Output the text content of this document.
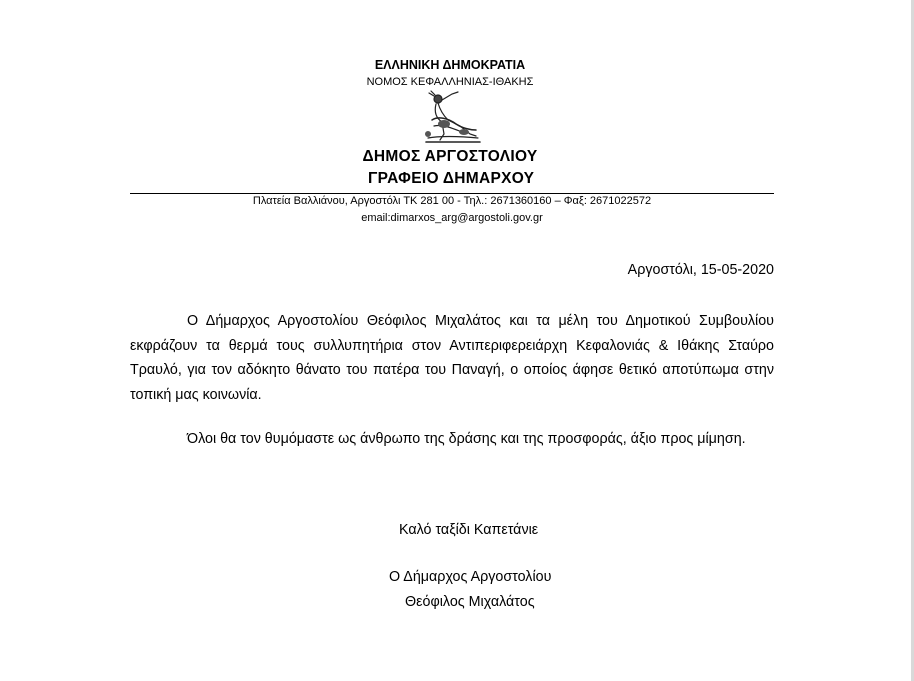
ΕΛΛΗΝΙΚΗ ΔΗΜΟΚΡΑΤΙΑ
ΝΟΜΟΣ ΚΕΦΑΛΛΗΝΙΑΣ-ΙΘΑΚΗΣ
ΔΗΜΟΣ ΑΡΓΟΣΤΟΛΙΟΥ
ΓΡΑΦΕΙΟ ΔΗΜΑΡΧΟΥ
Πλατεία Βαλλιάνου, Αργοστόλι ΤΚ 281 00 - Τηλ.: 2671360160 – Φαξ: 2671022572
email:dimarxos_arg@argostoli.gov.gr
Αργοστόλι, 15-05-2020
Ο Δήμαρχος Αργοστολίου Θεόφιλος Μιχαλάτος και τα μέλη του Δημοτικού Συμβουλίου εκφράζουν τα θερμά τους συλλυπητήρια στον Αντιπεριφερειάρχη Κεφαλονιάς & Ιθάκης Σταύρο Τραυλό, για τον αδόκητο θάνατο του πατέρα του Παναγή, ο οποίος άφησε θετικό αποτύπωμα στην τοπική μας κοινωνία.
Όλοι θα τον θυμόμαστε ως άνθρωπο της δράσης και της προσφοράς, άξιο προς μίμηση.
Καλό ταξίδι Καπετάνιε
Ο Δήμαρχος Αργοστολίου
Θεόφιλος Μιχαλάτος
